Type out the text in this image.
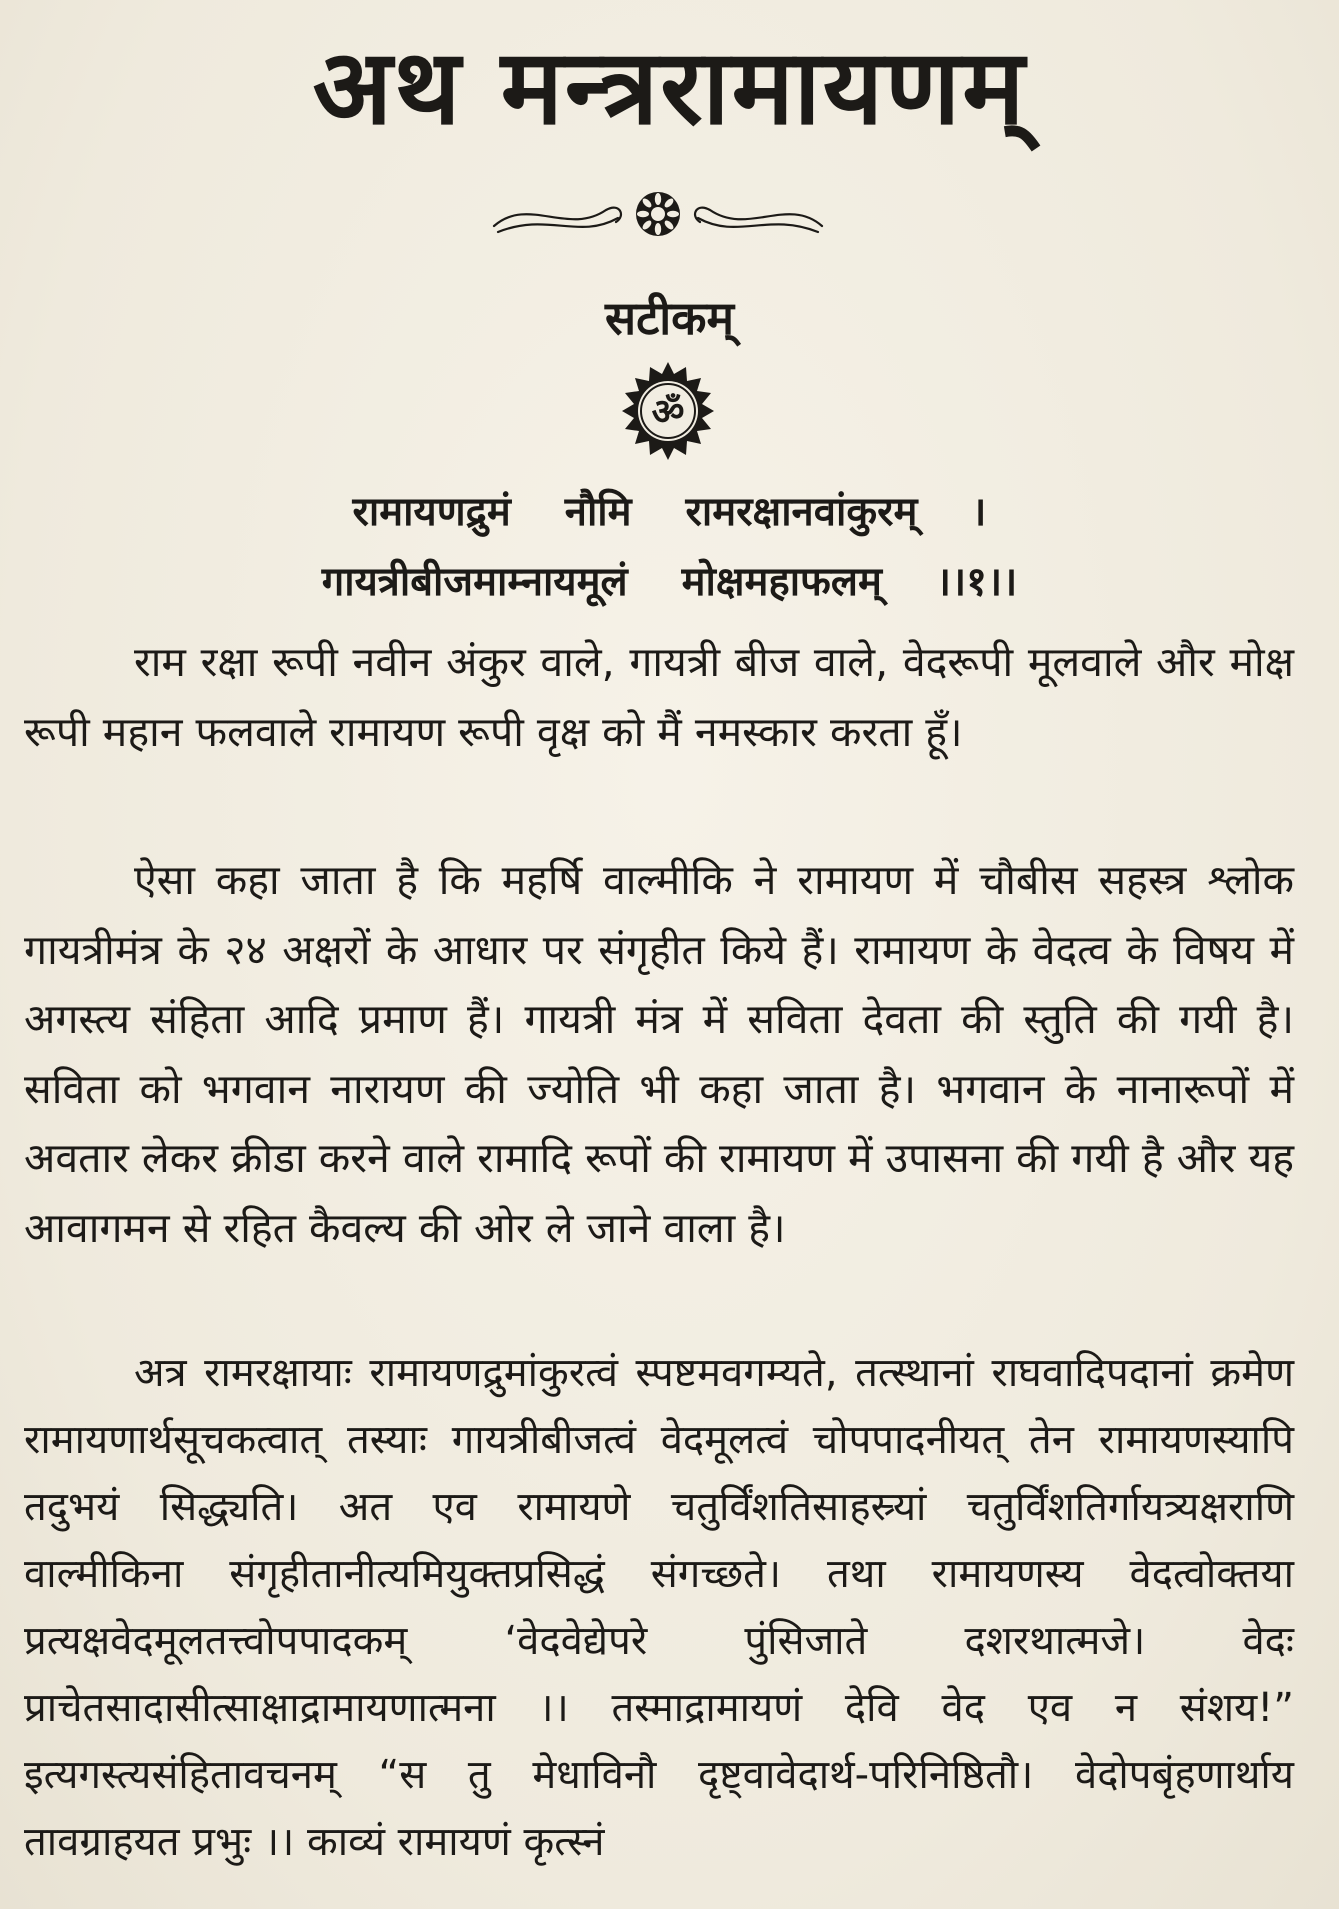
अथ मन्त्ररामायणम्
सटीकम्
ॐ
रामायणद्रुमं नौमि रामरक्षानवांकुरम् ।
गायत्रीबीजमाम्नायमूलं मोक्षमहाफलम् ।।१।।

राम रक्षा रूपी नवीन अंकुर वाले, गायत्री बीज वाले, वेदरूपी मूलवाले और मोक्ष रूपी महान फलवाले रामायण रूपी वृक्ष को मैं नमस्कार करता हूँ।

ऐसा कहा जाता है कि महर्षि वाल्मीकि ने रामायण में चौबीस सहस्त्र श्लोक गायत्रीमंत्र के २४ अक्षरों के आधार पर संगृहीत किये हैं। रामायण के वेदत्व के विषय में अगस्त्य संहिता आदि प्रमाण हैं। गायत्री मंत्र में सविता देवता की स्तुति की गयी है। सविता को भगवान नारायण की ज्योति भी कहा जाता है। भगवान के नानारूपों में अवतार लेकर क्रीडा करने वाले रामादि रूपों की रामायण में उपासना की गयी है और यह आवागमन से रहित कैवल्य की ओर ले जाने वाला है।

अत्र रामरक्षायाः रामायणद्रुमांकुरत्वं स्पष्टमवगम्यते, तत्स्थानां राघवादिपदानां क्रमेण रामायणार्थसूचकत्वात् तस्याः गायत्रीबीजत्वं वेदमूलत्वं चोपपादनीयत् तेन रामायणस्यापि तदुभयं सिद्ध्यति। अत एव रामायणे चतुर्विंशतिसाहस्र्यां चतुर्विंशतिर्गायत्र्यक्षराणि वाल्मीकिना संगृहीतानीत्यमियुक्तप्रसिद्धं संगच्छते। तथा रामायणस्य वेदत्वोक्तया प्रत्यक्षवेदमूलतत्त्वोपपादकम् ‘वेदवेद्येपरे पुंसिजाते दशरथात्मजे। वेदः प्राचेतसादासीत्साक्षाद्रामायणात्मना ।। तस्माद्रामायणं देवि वेद एव न संशय!” इत्यगस्त्यसंहितावचनम् “स तु मेधाविनौ दृष्ट्वावेदार्थ-परिनिष्ठितौ। वेदोपबृंहणार्थाय तावग्राहयत प्रभुः ।। काव्यं रामायणं कृत्स्नं
